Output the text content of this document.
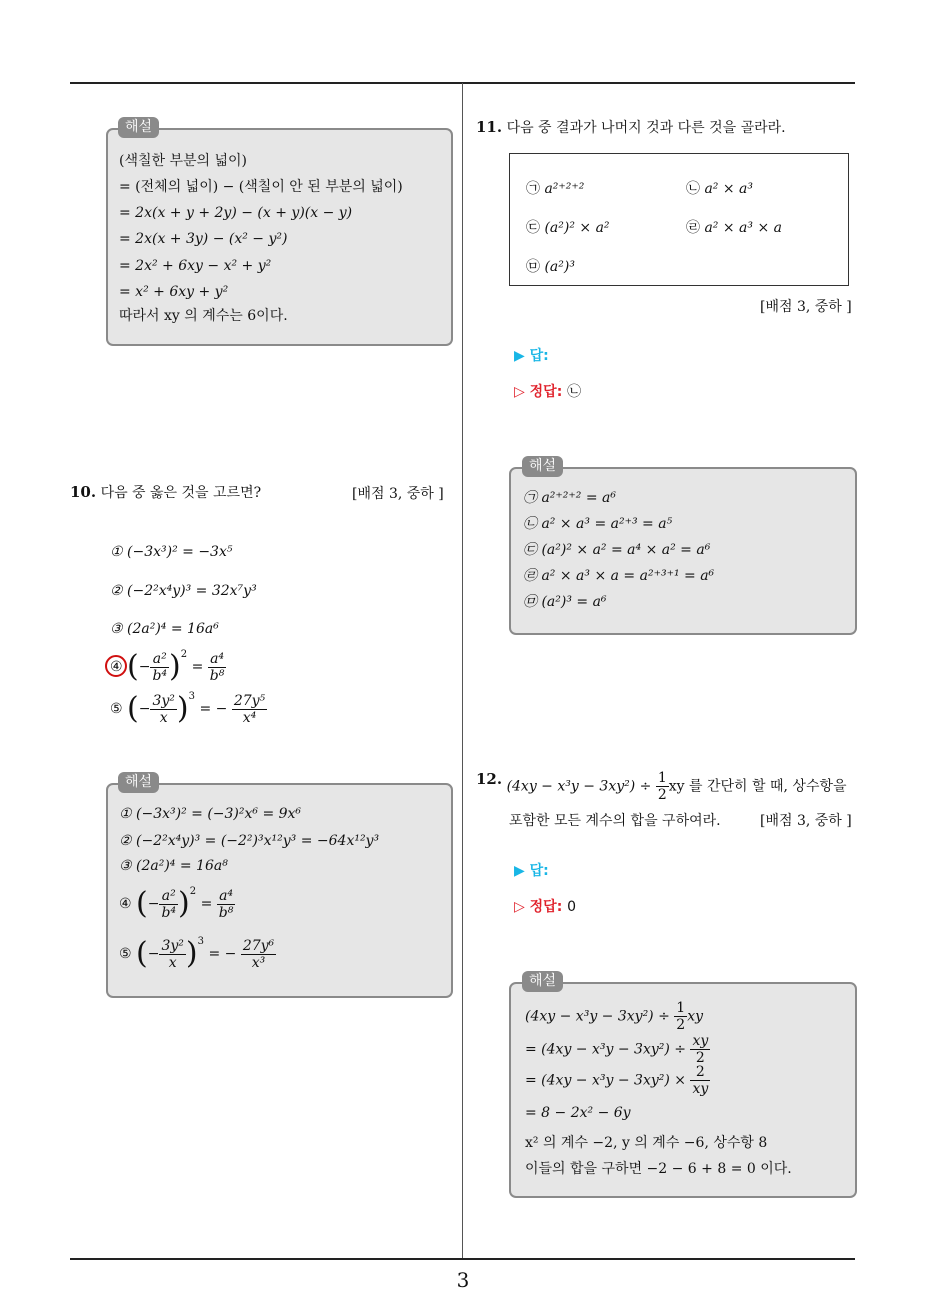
3
(색칠한 부분의 넓이)
= (전체의 넓이) − (색칠이 안 된 부분의 넓이)
= 2x(x + y + 2y) − (x + y)(x − y)
= 2x(x + 3y) − (x² − y²)
= 2x² + 6xy − x² + y²
= x² + 6xy + y²
따라서 xy 의 계수는 6이다.
해설
10. 다음 중 옳은 것을 고르면?	[배점 3, 중하 ]
① (−3x³)² = −3x⁵
② (−2²x⁴y)³ = 32x⁷y³
③ (2a²)⁴ = 16a⁶
④ (− $\frac{\text{a²}}{\text{b⁴}} )^2 = \frac{\text{a⁴}}{\text{b⁸}}$
⑤ (− $\frac{\text{3y²}}{x} )^3$ = − $\frac{\text{27y⁵}}{\text{x⁴}}$
① (−3x³)² = (−3)²x⁶ = 9x⁶
② (−2²x⁴y)³ = (−2²)³x¹²y³ = −64x¹²y³
③ (2a²)⁴ = 16a⁸
④ (− $\frac{\text{a²}}{\text{b⁴}} )^2 = \frac{\text{a⁴}}{\text{b⁸}}$
⑤ (− $\frac{\text{3y²}}{x} )^3$ = − $\frac{\text{27y⁶}}{\text{x³}}$
해설
11. 다음 중 결과가 나머지 것과 다른 것을 골라라.
㉠ a²⁺²⁺²	㉡ a² × a³
㉢ (a²)² × a²	㉣ a² × a³ × a
㉤ (a²)³
[배점 3, 중하 ]
▶ 답:
▷ 정답: ㉡
㉠ a²⁺²⁺² = a⁶
㉡ a² × a³ = a²⁺³ = a⁵
㉢ (a²)² × a² = a⁴ × a² = a⁶
㉣ a² × a³ × a = a²⁺³⁺¹ = a⁶
㉤ (a²)³ = a⁶
해설
12. $(4xy - x^3y - 3xy^2) \div \frac{1}{2}$ xy 를 간단히 할 때, 상수항을
포함한 모든 계수의 합을 구하여라.	[배점 3, 중하 ]
▶ 답:
▷ 정답: 0
$(4xy - x^3y - 3xy^2) \div \frac{1}{2}$ xy
= $(4xy - x^3y - 3xy^2) \div \frac{xy}{2}$
= $(4xy - x^3y - 3xy^2) \times \frac{2}{xy}$
= 8 − 2x² − 6y
x² 의 계수 −2, y 의 계수 −6, 상수항 8
이들의 합을 구하면 −2 − 6 + 8 = 0 이다.
해설
